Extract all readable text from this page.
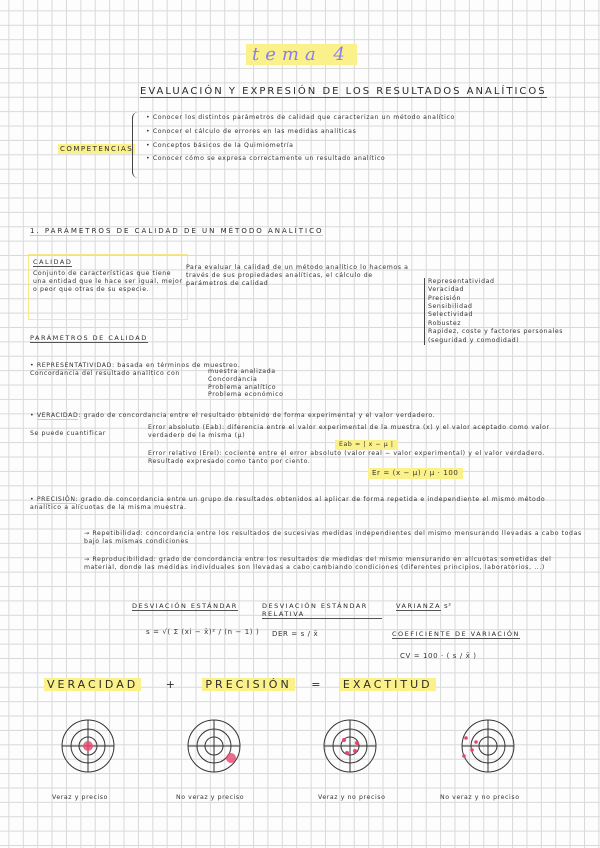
tema 4
EVALUACIÓN Y EXPRESIÓN DE LOS RESULTADOS ANALÍTICOS
COMPETENCIAS
• Conocer los distintos parámetros de calidad que caracterizan un método analítico
• Conocer el cálculo de errores en las medidas analíticas
• Conceptos básicos de la Quimiometría
• Conocer cómo se expresa correctamente un resultado analítico
1. PARÁMETROS DE CALIDAD DE UN MÉTODO ANALÍTICO
CALIDAD
Conjunto de características que tiene una entidad que le hace ser igual, mejor o peor que otras de su especie.
Para evaluar la calidad de un método analítico lo hacemos a través de sus propiedades analíticas, el cálculo de parámetros de calidad	Representatividad
Veracidad
Precisión
Sensibilidad
Selectividad
Robustez
Rapidez, coste y factores personales (seguridad y comodidad)
PARÁMETROS DE CALIDAD
• REPRESENTATIVIDAD: basada en términos de muestreo. Concordancia del resultado analítico con	muestra analizada
Concordancia
Problema analítico
Problema económico
• VERACIDAD: grado de concordancia entre el resultado obtenido de forma experimental y el valor verdadero.
Se puede cuantificar
Error absoluto (Eab): diferencia entre el valor experimental de la muestra (x) y el valor aceptado como valor verdadero de la misma (µ)
Eab = | x − µ |
Error relativo (Erel): cociente entre el error absoluto (valor real − valor experimental) y el valor verdadero. Resultado expresado como tanto por ciento.
Er = (x − µ) / µ · 100
• PRECISIÓN: grado de concordancia entre un grupo de resultados obtenidos al aplicar de forma repetida e independiente el mismo método analítico a alícuotas de la misma muestra.
→ Repetibilidad: concordancia entre los resultados de sucesivas medidas independientes del mismo mensurando llevadas a cabo todas bajo las mismas condiciones
→ Reproducibilidad: grado de concordancia entre los resultados de medidas del mismo mensurando en alícuotas sometidas del material, donde las medidas individuales son llevadas a cabo cambiando condiciones (diferentes principios, laboratorios, ...)
DESVIACIÓN ESTÁNDAR
s = √( Σ (xi − x̄)² / (n − 1) )
DESVIACIÓN ESTÁNDAR RELATIVA
DER = s / x̄
VARIANZA s²
COEFICIENTE DE VARIACIÓN
CV = 100 · ( s / x̄ )
VERACIDAD	+	PRECISIÓN = EXACTITUD
Veraz y preciso	No veraz y preciso	Veraz y no preciso	No veraz y no preciso
